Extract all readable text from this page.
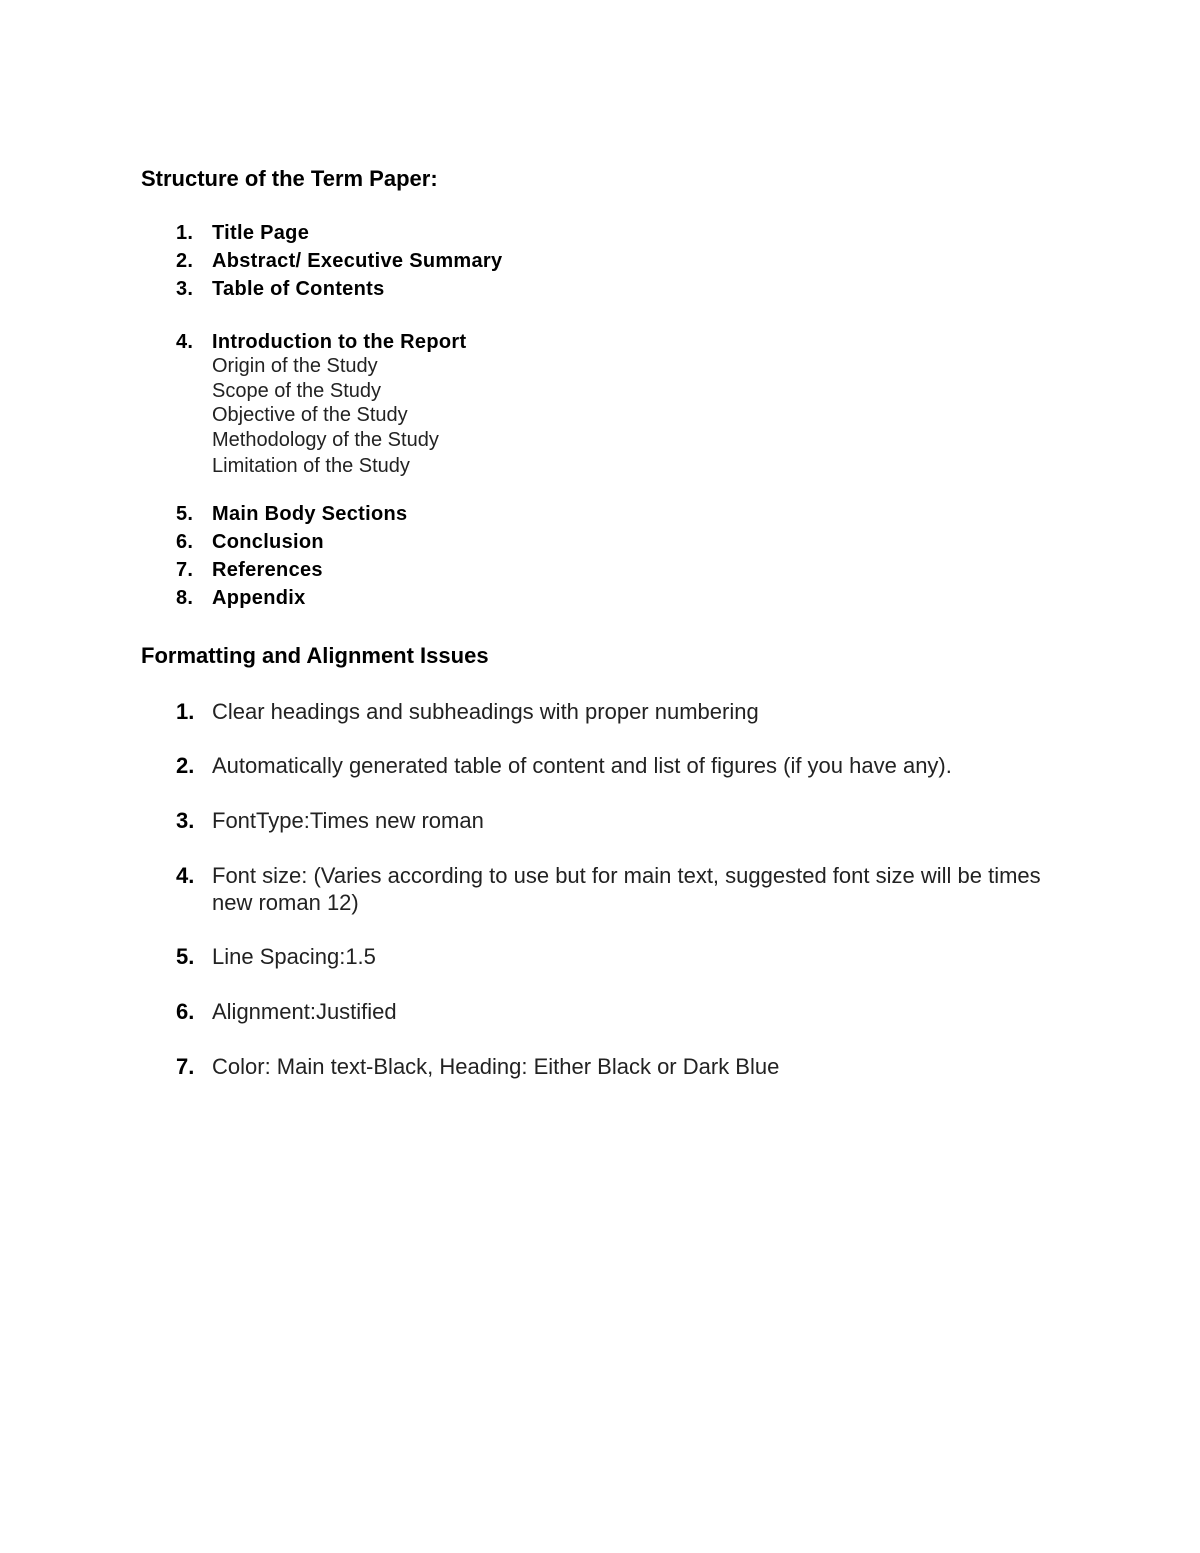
Structure of the Term Paper:
1. Title Page
2. Abstract/ Executive Summary
3. Table of Contents
4. Introduction to the Report
Origin of the Study
Scope of the Study
Objective of the Study
Methodology of the Study
Limitation of the Study
5. Main Body Sections
6. Conclusion
7. References
8. Appendix
Formatting and Alignment Issues
1. Clear headings and subheadings with proper numbering
2. Automatically generated table of content and list of figures (if you have any).
3. FontType:Times new roman
4. Font size: (Varies according to use but for main text, suggested font size will be times new roman 12)
5. Line Spacing:1.5
6. Alignment:Justified
7. Color: Main text-Black, Heading: Either Black or Dark Blue
